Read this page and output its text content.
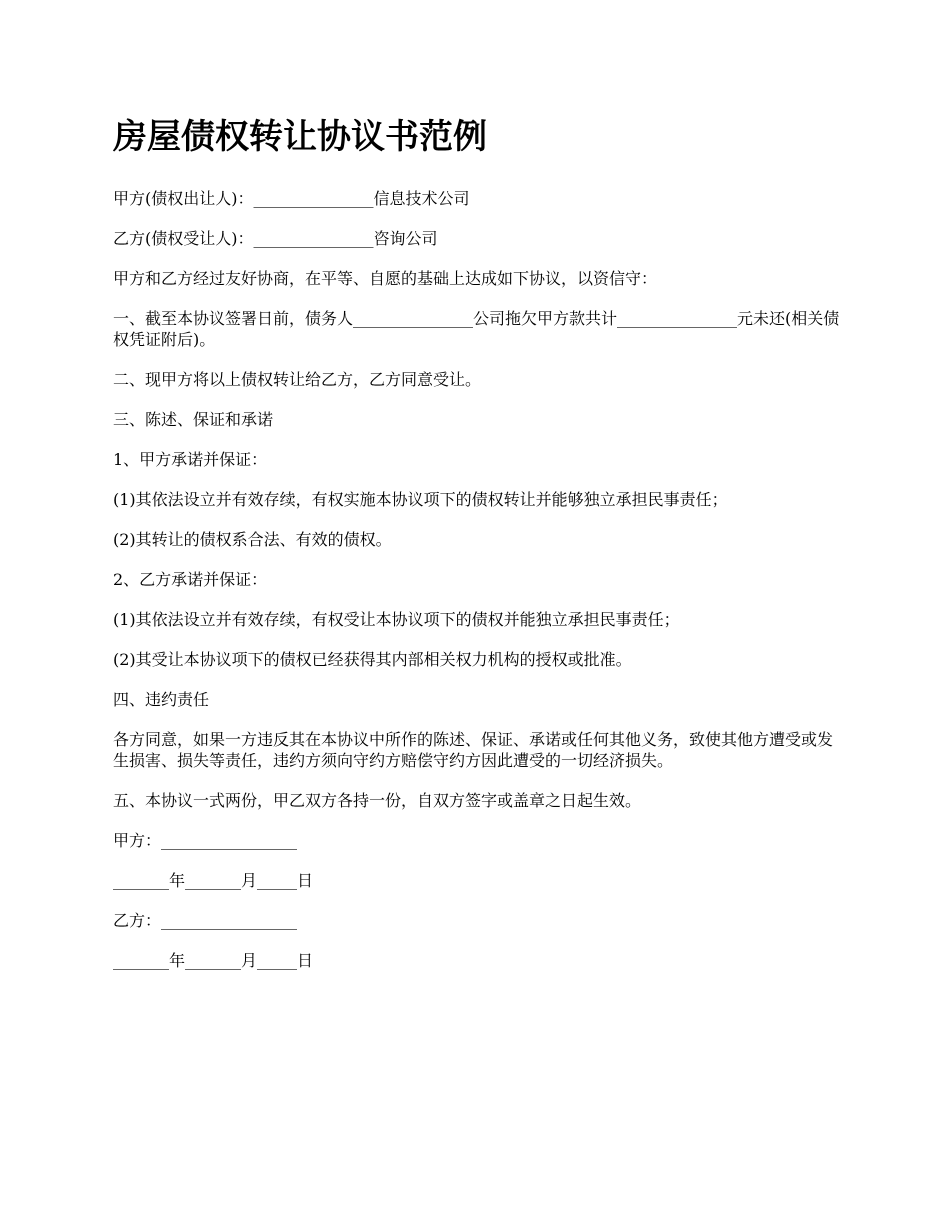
房屋债权转让协议书范例

甲方(债权出让人)：_______________信息技术公司

乙方(债权受让人)：_______________咨询公司

甲方和乙方经过友好协商，在平等、自愿的基础上达成如下协议，以资信守：

一、截至本协议签署日前，债务人_______________公司拖欠甲方款共计_______________元未还(相关债权凭证附后)。

二、现甲方将以上债权转让给乙方，乙方同意受让。

三、陈述、保证和承诺

1、甲方承诺并保证：

(1)其依法设立并有效存续，有权实施本协议项下的债权转让并能够独立承担民事责任；

(2)其转让的债权系合法、有效的债权。

2、乙方承诺并保证：

(1)其依法设立并有效存续，有权受让本协议项下的债权并能独立承担民事责任；

(2)其受让本协议项下的债权已经获得其内部相关权力机构的授权或批准。

四、违约责任

各方同意，如果一方违反其在本协议中所作的陈述、保证、承诺或任何其他义务，致使其他方遭受或发生损害、损失等责任，违约方须向守约方赔偿守约方因此遭受的一切经济损失。

五、本协议一式两份，甲乙双方各持一份，自双方签字或盖章之日起生效。

甲方：_________________

_______年_______月_____日

乙方：_________________

_______年_______月_____日
